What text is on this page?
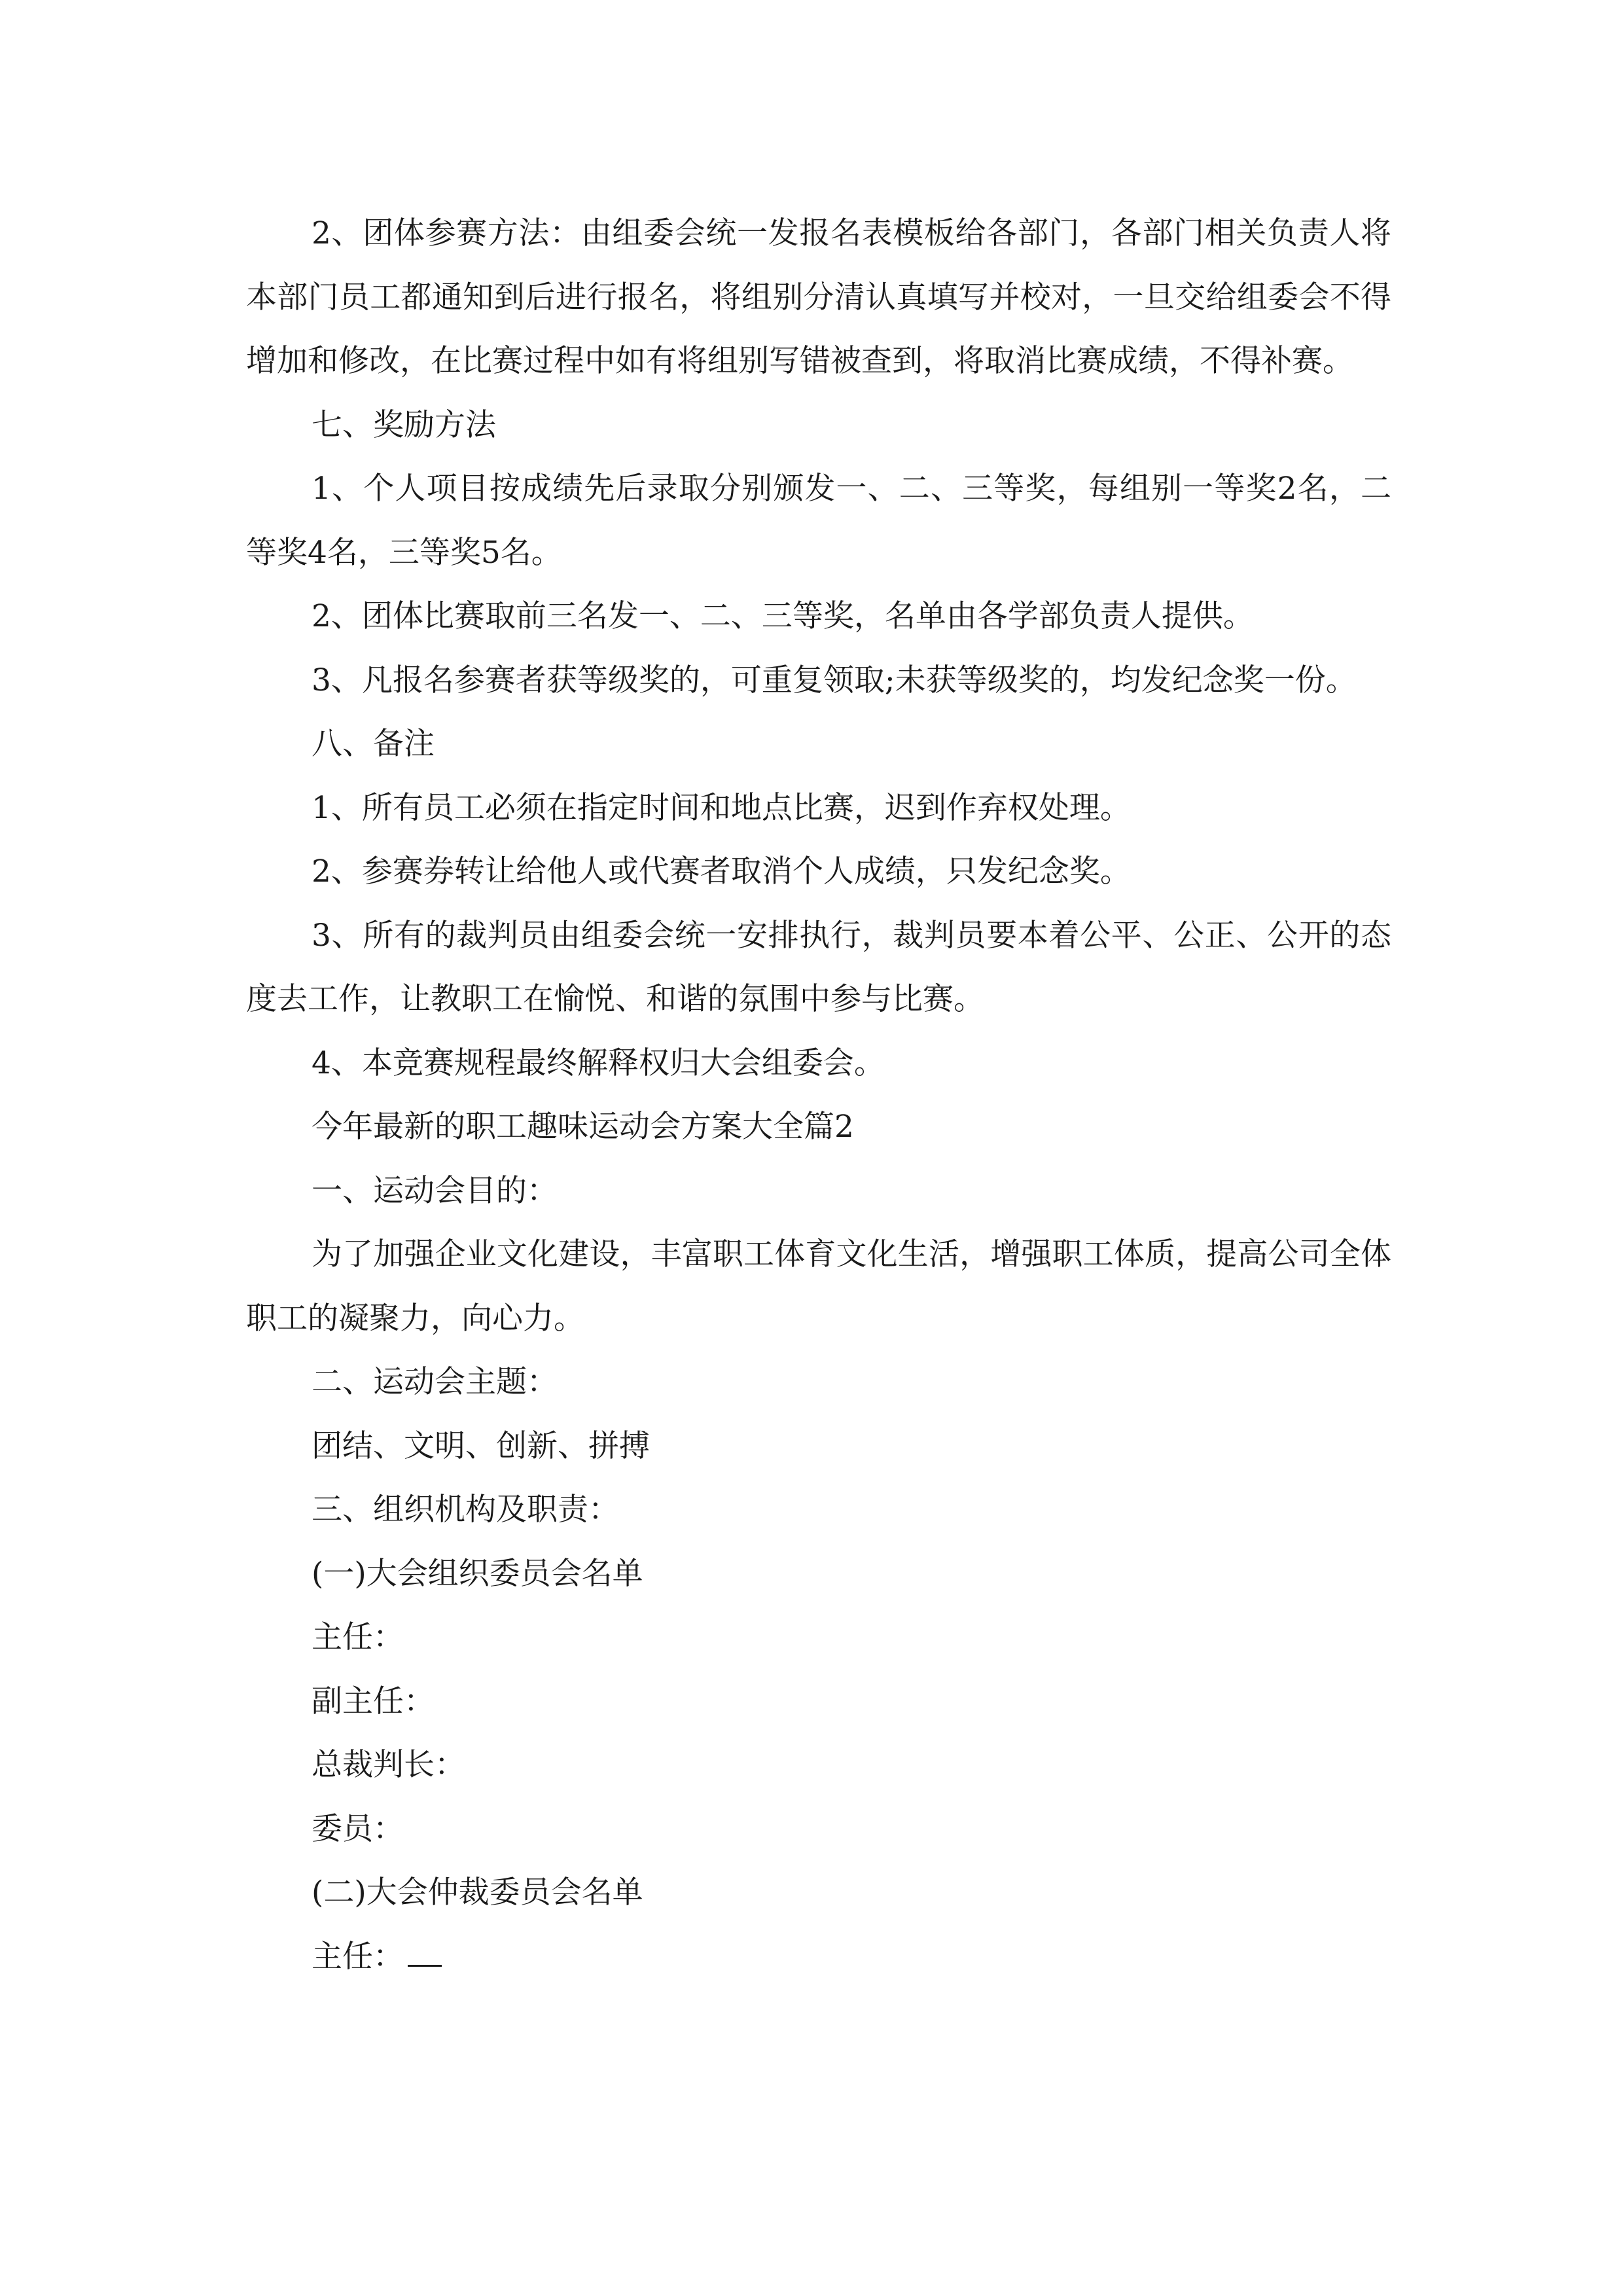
2、团体参赛方法：由组委会统一发报名表模板给各部门，各部门相关负责人将本部门员工都通知到后进行报名，将组别分清认真填写并校对，一旦交给组委会不得增加和修改，在比赛过程中如有将组别写错被查到，将取消比赛成绩，不得补赛。

七、奖励方法

1、个人项目按成绩先后录取分别颁发一、二、三等奖，每组别一等奖2名，二等奖4名，三等奖5名。

2、团体比赛取前三名发一、二、三等奖，名单由各学部负责人提供。

3、凡报名参赛者获等级奖的，可重复领取;未获等级奖的，均发纪念奖一份。

八、备注

1、所有员工必须在指定时间和地点比赛，迟到作弃权处理。

2、参赛券转让给他人或代赛者取消个人成绩，只发纪念奖。

3、所有的裁判员由组委会统一安排执行，裁判员要本着公平、公正、公开的态度去工作，让教职工在愉悦、和谐的氛围中参与比赛。

4、本竞赛规程最终解释权归大会组委会。

今年最新的职工趣味运动会方案大全篇2

一、运动会目的：

为了加强企业文化建设，丰富职工体育文化生活，增强职工体质，提高公司全体职工的凝聚力，向心力。

二、运动会主题：

团结、文明、创新、拼搏

三、组织机构及职责：

(一)大会组织委员会名单

主任：

副主任：

总裁判长：

委员：

(二)大会仲裁委员会名单

主任：
